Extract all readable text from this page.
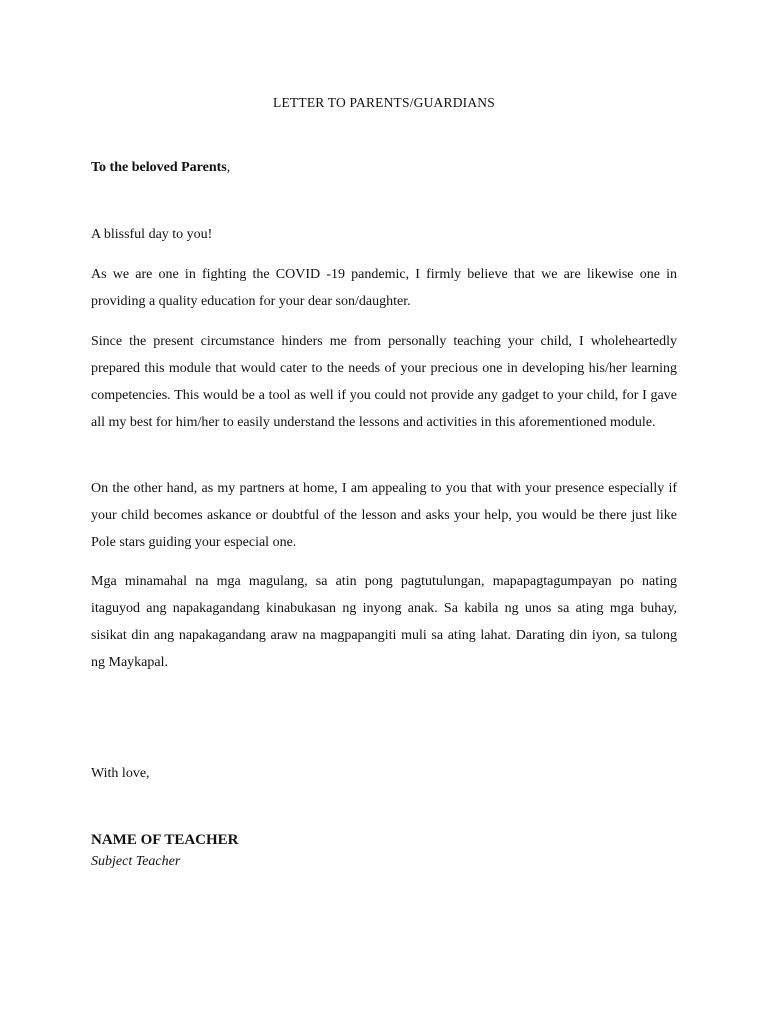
LETTER TO PARENTS/GUARDIANS
To the beloved Parents,
A blissful day to you!

As we are one in fighting the COVID -19 pandemic, I firmly believe that we are likewise one in providing a quality education for your dear son/daughter.

Since the present circumstance hinders me from personally teaching your child, I wholeheartedly prepared this module that would cater to the needs of your precious one in developing his/her learning competencies. This would be a tool as well if you could not provide any gadget to your child, for I gave all my best for him/her to easily understand the lessons and activities in this aforementioned module.

On the other hand, as my partners at home, I am appealing to you that with your presence especially if your child becomes askance or doubtful of the lesson and asks your help, you would be there just like Pole stars guiding your especial one.

Mga minamahal na mga magulang, sa atin pong pagtutulungan, mapapagtagumpayan po nating itaguyod ang napakagandang kinabukasan ng inyong anak. Sa kabila ng unos sa ating mga buhay, sisikat din ang napakagandang araw na magpapangiti muli sa ating lahat. Darating din iyon, sa tulong ng Maykapal.

With love,
NAME OF TEACHER
Subject Teacher
